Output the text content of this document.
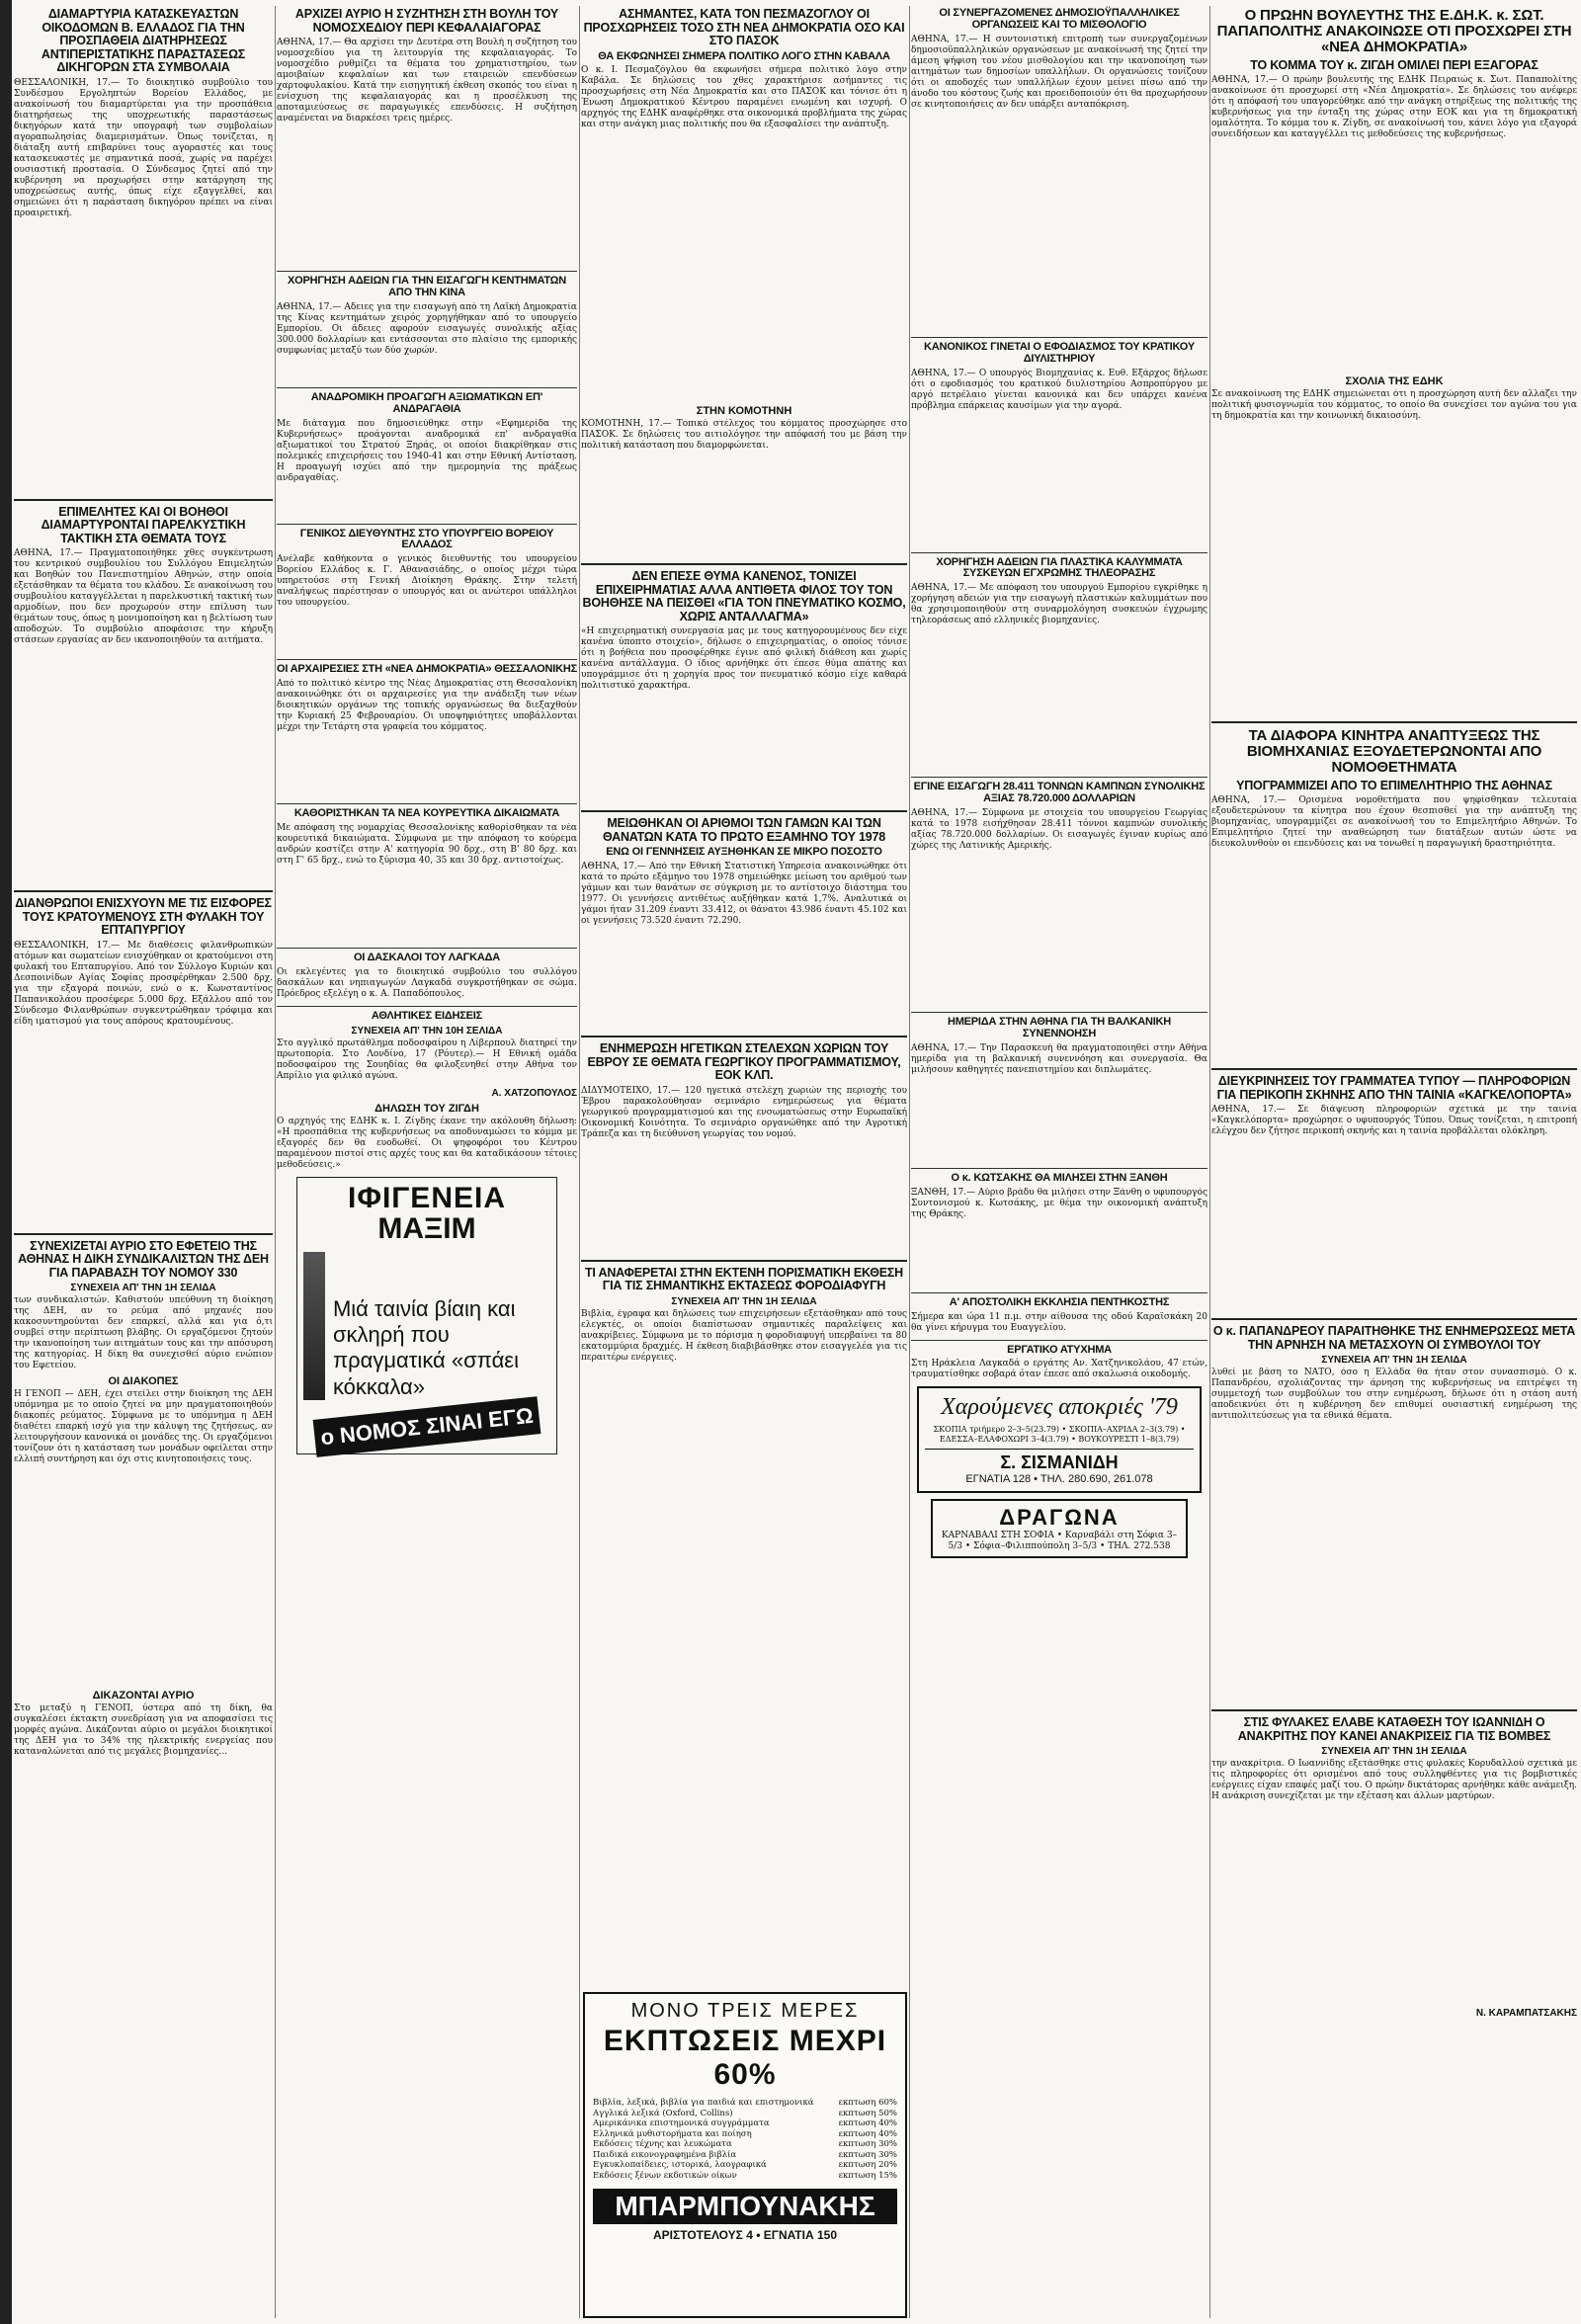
ΔΙΑΜΑΡΤΥΡΙΑ ΚΑΤΑΣΚΕΥΑΣΤΩΝ ΟΙΚΟΔΟΜΩΝ Β. ΕΛΛΑΔΟΣ ΓΙΑ ΤΗΝ ΠΡΟΣΠΑΘΕΙΑ ΔΙΑΤΗΡΗΣΕΩΣ ΑΝΤΙΠΕΡΙΣΤΑΤΙΚΗΣ ΠΑΡΑΣΤΑΣΕΩΣ ΔΙΚΗΓΟΡΩΝ ΣΤΑ ΣΥΜΒΟΛΑΙΑ

ΘΕΣΣΑΛΟΝΙΚΗ, 17.— Το διοικητικό συμβούλιο του Συνδέσμου Εργοληπτών Βορείου Ελλάδος, με ανακοίνωσή του διαμαρτύρεται για την προσπάθεια διατηρήσεως της υποχρεωτικής παραστάσεως δικηγόρων κατά την υπογραφή των συμβολαίων αγοραπωλησίας διαμερισμάτων. Όπως τονίζεται, η διάταξη αυτή επιβαρύνει τους αγοραστές και τους κατασκευαστές με σημαντικά ποσά, χωρίς να παρέχει ουσιαστική προστασία. Ο Σύνδεσμος ζητεί από την κυβέρνηση να προχωρήσει στην κατάργηση της υποχρεώσεως αυτής, όπως είχε εξαγγελθεί, και σημειώνει ότι η παράσταση δικηγόρου πρέπει να είναι προαιρετική.

ΕΠΙΜΕΛΗΤΕΣ ΚΑΙ ΟΙ ΒΟΗΘΟΙ ΔΙΑΜΑΡΤΥΡΟΝΤΑΙ ΠΑΡΕΛΚΥΣΤΙΚΗ ΤΑΚΤΙΚΗ ΣΤΑ ΘΕΜΑΤΑ ΤΟΥΣ

ΑΘΗΝΑ, 17.— Πραγματοποιήθηκε χθες συγκέντρωση του κεντρικού συμβουλίου του Συλλόγου Επιμελητών και Βοηθών του Πανεπιστημίου Αθηνών, στην οποία εξετάσθηκαν τα θέματα του κλάδου. Σε ανακοίνωση του συμβουλίου καταγγέλλεται η παρελκυστική τακτική των αρμοδίων, που δεν προχωρούν στην επίλυση των θεμάτων τους, όπως η μονιμοποίηση και η βελτίωση των αποδοχών. Το συμβούλιο αποφάσισε την κήρυξη στάσεων εργασίας αν δεν ικανοποιηθούν τα αιτήματα.

ΔΙΑΝΘΡΩΠΟΙ ΕΝΙΣΧΥΟΥΝ ΜΕ ΤΙΣ ΕΙΣΦΟΡΕΣ ΤΟΥΣ ΚΡΑΤΟΥΜΕΝΟΥΣ ΣΤΗ ΦΥΛΑΚΗ ΤΟΥ ΕΠΤΑΠΥΡΓΙΟΥ

ΘΕΣΣΑΛΟΝΙΚΗ, 17.— Με διαθέσεις φιλανθρωπικών ατόμων και σωματείων ενισχύθηκαν οι κρατούμενοι στη φυλακή του Επταπυργίου. Από τον Σύλλογο Κυριών και Δεσποινίδων Αγίας Σοφίας προσφέρθηκαν 2.500 δρχ. για την εξαγορά ποινών, ενώ ο κ. Κωνσταντίνος Παπανικολάου προσέφερε 5.000 δρχ. Εξάλλου από τον Σύνδεσμο Φιλανθρώπων συγκεντρώθηκαν τρόφιμα και είδη ιματισμού για τους απόρους κρατουμένους.

ΣΥΝΕΧΙΖΕΤΑΙ ΑΥΡΙΟ ΣΤΟ ΕΦΕΤΕΙΟ ΤΗΣ ΑΘΗΝΑΣ Η ΔΙΚΗ ΣΥΝΔΙΚΑΛΙΣΤΩΝ ΤΗΣ ΔΕΗ ΓΙΑ ΠΑΡΑΒΑΣΗ ΤΟΥ ΝΟΜΟΥ 330
ΣΥΝΕΧΕΙΑ ΑΠ' ΤΗΝ 1Η ΣΕΛΙΔΑ

των συνδικαλιστών. Καθιστούν υπεύθυνη τη διοίκηση της ΔΕΗ, αν το ρεύμα από μηχανές που κακοσυντηρούνται δεν επαρκεί, αλλά και για ό,τι συμβεί στην περίπτωση βλάβης. Οι εργαζόμενοι ζητούν την ικανοποίηση των αιτημάτων τους και την απόσυρση της κατηγορίας. Η δίκη θα συνεχισθεί αύριο ενώπιον του Εφετείου.

ΟΙ ΔΙΑΚΟΠΕΣ

Η ΓΕΝΟΠ — ΔΕΗ, έχει στείλει στην διοίκηση της ΔΕΗ υπόμνημα με το οποίο ζητεί να μην πραγματοποιηθούν διακοπές ρεύματος. Σύμφωνα με το υπόμνημα η ΔΕΗ διαθέτει επαρκή ισχύ για την κάλυψη της ζητήσεως, αν λειτουργήσουν κανονικά οι μονάδες της. Οι εργαζόμενοι τονίζουν ότι η κατάσταση των μονάδων οφείλεται στην ελλιπή συντήρηση και όχι στις κινητοποιήσεις τους.

ΔΙΚΑΖΟΝΤΑΙ ΑΥΡΙΟ

Στο μεταξύ η ΓΕΝΟΠ, ύστερα από τη δίκη, θα συγκαλέσει έκτακτη συνεδρίαση για να αποφασίσει τις μορφές αγώνα. Δικάζονται αύριο οι μεγάλοι διοικητικοί της ΔΕΗ για το 34% της ηλεκτρικής ενεργείας που καταναλώνεται από τις μεγάλες βιομηχανίες...

ΑΡΧΙΖΕΙ ΑΥΡΙΟ Η ΣΥΖΗΤΗΣΗ ΣΤΗ ΒΟΥΛΗ ΤΟΥ ΝΟΜΟΣΧΕΔΙΟΥ ΠΕΡΙ ΚΕΦΑΛΑΙΑΓΟΡΑΣ

ΑΘΗΝΑ, 17.— Θα αρχίσει την Δευτέρα στη Βουλή η συζήτηση του νομοσχεδίου για τη λειτουργία της κεφαλαιαγοράς. Το νομοσχέδιο ρυθμίζει τα θέματα του χρηματιστηρίου, των αμοιβαίων κεφαλαίων και των εταιρειών επενδύσεων χαρτοφυλακίου. Κατά την εισηγητική έκθεση σκοπός του είναι η ενίσχυση της κεφαλαιαγοράς και η προσέλκυση της αποταμιεύσεως σε παραγωγικές επενδύσεις. Η συζήτηση αναμένεται να διαρκέσει τρεις ημέρες.

ΧΟΡΗΓΗΣΗ ΑΔΕΙΩΝ ΓΙΑ ΤΗΝ ΕΙΣΑΓΩΓΗ ΚΕΝΤΗΜΑΤΩΝ ΑΠΟ ΤΗΝ ΚΙΝΑ

ΑΘΗΝΑ, 17.— Αδειες για την εισαγωγή από τη Λαϊκή Δημοκρατία της Κίνας κεντημάτων χειρός χορηγήθηκαν από το υπουργείο Εμπορίου. Οι άδειες αφορούν εισαγωγές συνολικής αξίας 300.000 δολλαρίων και εντάσσονται στο πλαίσιο της εμπορικής συμφωνίας μεταξύ των δύο χωρών.

ΑΝΑΔΡΟΜΙΚΗ ΠΡΟΑΓΩΓΗ ΑΞΙΩΜΑΤΙΚΩΝ ΕΠ' ΑΝΔΡΑΓΑΘΙΑ

Με διάταγμα που δημοσιεύθηκε στην «Εφημερίδα της Κυβερνήσεως» προάγονται αναδρομικά επ' ανδραγαθία αξιωματικοί του Στρατού Ξηράς, οι οποίοι διακρίθηκαν στις πολεμικές επιχειρήσεις του 1940-41 και στην Εθνική Αντίσταση. Η προαγωγή ισχύει από την ημερομηνία της πράξεως ανδραγαθίας.

ΓΕΝΙΚΟΣ ΔΙΕΥΘΥΝΤΗΣ ΣΤΟ ΥΠΟΥΡΓΕΙΟ ΒΟΡΕΙΟΥ ΕΛΛΑΔΟΣ

Ανέλαβε καθήκοντα ο γενικός διευθυντής του υπουργείου Βορείου Ελλάδος κ. Γ. Αθανασιάδης, ο οποίος μέχρι τώρα υπηρετούσε στη Γενική Διοίκηση Θράκης. Στην τελετή αναλήψεως παρέστησαν ο υπουργός και οι ανώτεροι υπάλληλοι του υπουργείου.

ΟΙ ΑΡΧΑΙΡΕΣΙΕΣ ΣΤΗ «ΝΕΑ ΔΗΜΟΚΡΑΤΙΑ» ΘΕΣΣΑΛΟΝΙΚΗΣ

Από το πολιτικό κέντρο της Νέας Δημοκρατίας στη Θεσσαλονίκη ανακοινώθηκε ότι οι αρχαιρεσίες για την ανάδειξη των νέων διοικητικών οργάνων της τοπικής οργανώσεως θα διεξαχθούν την Κυριακή 25 Φεβρουαρίου. Οι υποψηφιότητες υποβάλλονται μέχρι την Τετάρτη στα γραφεία του κόμματος.

ΚΑΘΟΡΙΣΤΗΚΑΝ ΤΑ ΝΕΑ ΚΟΥΡΕΥΤΙΚΑ ΔΙΚΑΙΩΜΑΤΑ

Με απόφαση της νομαρχίας Θεσσαλονίκης καθορίσθηκαν τα νέα κουρευτικά δικαιώματα. Σύμφωνα με την απόφαση το κούρεμα ανδρών κοστίζει στην Α' κατηγορία 90 δρχ., στη Β' 80 δρχ. και στη Γ' 65 δρχ., ενώ το ξύρισμα 40, 35 και 30 δρχ. αντιστοίχως.

ΟΙ ΔΑΣΚΑΛΟΙ ΤΟΥ ΛΑΓΚΑΔΑ

Οι εκλεγέντες για το διοικητικό συμβούλιο του συλλόγου δασκάλων και νηπιαγωγών Λαγκαδά συγκροτήθηκαν σε σώμα. Πρόεδρος εξελέγη ο κ. Α. Παπαδόπουλος.

ΑΘΛΗΤΙΚΕΣ ΕΙΔΗΣΕΙΣ
ΣΥΝΕΧΕΙΑ ΑΠ' ΤΗΝ 10Η ΣΕΛΙΔΑ

Στο αγγλικό πρωτάθλημα ποδοσφαίρου η Λίβερπουλ διατηρεί την πρωτοπορία. Στο Λονδίνο, 17 (Ρόυτερ).— Η Εθνική ομάδα ποδοσφαίρου της Σουηδίας θα φιλοξενηθεί στην Αθήνα τον Απρίλιο για φιλικό αγώνα.

Α. ΧΑΤΖΟΠΟΥΛΟΣ
ΔΗΛΩΣΗ ΤΟΥ ΖΙΓΔΗ

Ο αρχηγός της ΕΔΗΚ κ. Ι. Ζίγδης έκανε την ακόλουθη δήλωση: «Η προσπάθεια της κυβερνήσεως να αποδυναμώσει το κόμμα με εξαγορές δεν θα ευοδωθεί. Οι ψηφοφόροι του Κέντρου παραμένουν πιστοί στις αρχές τους και θα καταδικάσουν τέτοιες μεθοδεύσεις.»

ΙΦΙΓΕΝΕΙΑ
ΜΑΞΙΜ
Μιά ταινία βίαιη και σκληρή που πραγματικά «σπάει κόκκαλα»
ο ΝΟΜΟΣ ΣΙΝΑΙ ΕΓΩ
ΑΣΗΜΑΝΤΕΣ, ΚΑΤΑ ΤΟΝ ΠΕΣΜΑΖΟΓΛΟΥ ΟΙ ΠΡΟΣΧΩΡΗΣΕΙΣ ΤΟΣΟ ΣΤΗ ΝΕΑ ΔΗΜΟΚΡΑΤΙΑ ΟΣΟ ΚΑΙ ΣΤΟ ΠΑΣΟΚ
ΘΑ ΕΚΦΩΝΗΣΕΙ ΣΗΜΕΡΑ ΠΟΛΙΤΙΚΟ ΛΟΓΟ ΣΤΗΝ ΚΑΒΑΛΑ

Ο κ. Ι. Πεσμαζόγλου θα εκφωνήσει σήμερα πολιτικό λόγο στην Καβάλα. Σε δηλώσεις του χθες χαρακτήρισε ασήμαντες τις προσχωρήσεις στη Νέα Δημοκρατία και στο ΠΑΣΟΚ και τόνισε ότι η Ένωση Δημοκρατικού Κέντρου παραμένει ενωμένη και ισχυρή. Ο αρχηγός της ΕΔΗΚ αναφέρθηκε στα οικονομικά προβλήματα της χώρας και στην ανάγκη μιας πολιτικής που θα εξασφαλίσει την ανάπτυξη.

ΣΤΗΝ ΚΟΜΟΤΗΝΗ

ΚΟΜΟΤΗΝΗ, 17.— Τοπικό στέλεχος του κόμματος προσχώρησε στο ΠΑΣΟΚ. Σε δηλώσεις του αιτιολόγησε την απόφασή του με βάση την πολιτική κατάσταση που διαμορφώνεται.

ΔΕΝ ΕΠΕΣΕ ΘΥΜΑ ΚΑΝΕΝΟΣ, ΤΟΝΙΖΕΙ ΕΠΙΧΕΙΡΗΜΑΤΙΑΣ ΑΛΛΑ ΑΝΤΙΘΕΤΑ ΦΙΛΟΣ ΤΟΥ ΤΟΝ ΒΟΗΘΗΣΕ ΝΑ ΠΕΙΣΘΕΙ «ΓΙΑ ΤΟΝ ΠΝΕΥΜΑΤΙΚΟ ΚΟΣΜΟ, ΧΩΡΙΣ ΑΝΤΑΛΛΑΓΜΑ»

«Η επιχειρηματική συνεργασία μας με τους κατηγορουμένους δεν είχε κανένα ύποπτο στοιχείο», δήλωσε ο επιχειρηματίας, ο οποίος τόνισε ότι η βοήθεια που προσφέρθηκε έγινε από φιλική διάθεση και χωρίς κανένα αντάλλαγμα. Ο ίδιος αρνήθηκε ότι έπεσε θύμα απάτης και υπογράμμισε ότι η χορηγία προς τον πνευματικό κόσμο είχε καθαρά πολιτιστικό χαρακτήρα.

ΜΕΙΩΘΗΚΑΝ ΟΙ ΑΡΙΘΜΟΙ ΤΩΝ ΓΑΜΩΝ ΚΑΙ ΤΩΝ ΘΑΝΑΤΩΝ ΚΑΤΑ ΤΟ ΠΡΩΤΟ ΕΞΑΜΗΝΟ ΤΟΥ 1978
ΕΝΩ ΟΙ ΓΕΝΝΗΣΕΙΣ ΑΥΞΗΘΗΚΑΝ ΣΕ ΜΙΚΡΟ ΠΟΣΟΣΤΟ

ΑΘΗΝΑ, 17.— Από την Εθνική Στατιστική Υπηρεσία ανακοινώθηκε ότι κατά το πρώτο εξάμηνο του 1978 σημειώθηκε μείωση του αριθμού των γάμων και των θανάτων σε σύγκριση με το αντίστοιχο διάστημα του 1977. Οι γεννήσεις αντιθέτως αυξήθηκαν κατά 1,7%. Αναλυτικά οι γάμοι ήταν 31.209 έναντι 33.412, οι θάνατοι 43.986 έναντι 45.102 και οι γεννήσεις 73.520 έναντι 72.290.

ΕΝΗΜΕΡΩΣΗ ΗΓΕΤΙΚΩΝ ΣΤΕΛΕΧΩΝ ΧΩΡΙΩΝ ΤΟΥ ΕΒΡΟΥ ΣΕ ΘΕΜΑΤΑ ΓΕΩΡΓΙΚΟΥ ΠΡΟΓΡΑΜΜΑΤΙΣΜΟΥ, ΕΟΚ ΚΛΠ.

ΔΙΔΥΜΟΤΕΙΧΟ, 17.— 120 ηγετικά στελέχη χωριών της περιοχής του Έβρου παρακολούθησαν σεμινάριο ενημερώσεως για θέματα γεωργικού προγραμματισμού και της ενσωματώσεως στην Ευρωπαϊκή Οικονομική Κοινότητα. Το σεμινάριο οργανώθηκε από την Αγροτική Τράπεζα και τη διεύθυνση γεωργίας του νομού.

ΤΙ ΑΝΑΦΕΡΕΤΑΙ ΣΤΗΝ ΕΚΤΕΝΗ ΠΟΡΙΣΜΑΤΙΚΗ ΕΚΘΕΣΗ ΓΙΑ ΤΙΣ ΣΗΜΑΝΤΙΚΗΣ ΕΚΤΑΣΕΩΣ ΦΟΡΟΔΙΑΦΥΓΗ
ΣΥΝΕΧΕΙΑ ΑΠ' ΤΗΝ 1Η ΣΕΛΙΔΑ

Βιβλία, έγραφα και δηλώσεις των επιχειρήσεων εξετάσθηκαν από τους ελεγκτές, οι οποίοι διαπίστωσαν σημαντικές παραλείψεις και ανακρίβειες. Σύμφωνα με το πόρισμα η φοροδιαφυγή υπερβαίνει τα 80 εκατομμύρια δραχμές. Η έκθεση διαβιβάσθηκε στον εισαγγελέα για τις περαιτέρω ενέργειες.

ΜΟΝΟ ΤΡΕΙΣ ΜΕΡΕΣ
ΕΚΠΤΩΣΕΙΣ ΜΕΧΡΙ 60%
Βιβλία, λεξικά, βιβλία για παιδιά και επιστημονικά	εκπτωση 60%
Αγγλικά λεξικά (Oxford, Collins)	εκπτωση 50%
Αμερικάνικα επιστημονικά συγγράμματα	εκπτωση 40%
Ελληνικά μυθιστορήματα και ποίηση	εκπτωση 40%
Εκδόσεις τέχνης και λευκώματα	εκπτωση 30%
Παιδικά εικονογραφημένα βιβλία	εκπτωση 30%
Εγκυκλοπαίδειες, ιστορικά, λαογραφικά	εκπτωση 20%
Εκδόσεις ξένων εκδοτικών οίκων	εκπτωση 15%
ΜΠΑΡΜΠΟΥΝΑΚΗΣ
ΑΡΙΣΤΟΤΕΛΟΥΣ 4 • ΕΓΝΑΤΙΑ 150
ΟΙ ΣΥΝΕΡΓΑΖΟΜΕΝΕΣ ΔΗΜΟΣΙΟΫΠΑΛΛΗΛΙΚΕΣ ΟΡΓΑΝΩΣΕΙΣ ΚΑΙ ΤΟ ΜΙΣΘΟΛΟΓΙΟ

ΑΘΗΝΑ, 17.— Η συντονιστική επιτροπή των συνεργαζομένων δημοσιοϋπαλληλικών οργανώσεων με ανακοίνωσή της ζητεί την άμεση ψήφιση του νέου μισθολογίου και την ικανοποίηση των αιτημάτων των δημοσίων υπαλλήλων. Οι οργανώσεις τονίζουν ότι οι αποδοχές των υπαλλήλων έχουν μείνει πίσω από την άνοδο του κόστους ζωής και προειδοποιούν ότι θα προχωρήσουν σε κινητοποιήσεις αν δεν υπάρξει ανταπόκριση.

ΚΑΝΟΝΙΚΟΣ ΓΙΝΕΤΑΙ Ο ΕΦΟΔΙΑΣΜΟΣ ΤΟΥ ΚΡΑΤΙΚΟΥ ΔΙΥΛΙΣΤΗΡΙΟΥ

ΑΘΗΝΑ, 17.— Ο υπουργός Βιομηχανίας κ. Ευθ. Εξάρχος δήλωσε ότι ο εφοδιασμός του κρατικού διυλιστηρίου Ασπροπύργου με αργό πετρέλαιο γίνεται κανονικά και δεν υπάρχει κανένα πρόβλημα επάρκειας καυσίμων για την αγορά.

ΧΟΡΗΓΗΣΗ ΑΔΕΙΩΝ ΓΙΑ ΠΛΑΣΤΙΚΑ ΚΑΛΥΜΜΑΤΑ ΣΥΣΚΕΥΩΝ ΕΓΧΡΩΜΗΣ ΤΗΛΕΟΡΑΣΗΣ

ΑΘΗΝΑ, 17.— Με απόφαση του υπουργού Εμπορίου εγκρίθηκε η χορήγηση αδειών για την εισαγωγή πλαστικών καλυμμάτων που θα χρησιμοποιηθούν στη συναρμολόγηση συσκευών έγχρωμης τηλεοράσεως από ελληνικές βιομηχανίες.

ΕΓΙΝΕ ΕΙΣΑΓΩΓΗ 28.411 ΤΟΝΝΩΝ ΚΑΜΠΝΩΝ ΣΥΝΟΛΙΚΗΣ ΑΞΙΑΣ 78.720.000 ΔΟΛΛΑΡΙΩΝ

ΑΘΗΝΑ, 17.— Σύμφωνα με στοιχεία του υπουργείου Γεωργίας κατά το 1978 εισήχθησαν 28.411 τόννοι καμπνών συνολικής αξίας 78.720.000 δολλαρίων. Οι εισαγωγές έγιναν κυρίως από χώρες της Λατινικής Αμερικής.

ΗΜΕΡΙΔΑ ΣΤΗΝ ΑΘΗΝΑ ΓΙΑ ΤΗ ΒΑΛΚΑΝΙΚΗ ΣΥΝΕΝΝΟΗΣΗ

ΑΘΗΝΑ, 17.— Την Παρασκευή θα πραγματοποιηθεί στην Αθήνα ημερίδα για τη βαλκανική συνεννόηση και συνεργασία. Θα μιλήσουν καθηγητές πανεπιστημίου και διπλωμάτες.

Ο κ. ΚΩΤΣΑΚΗΣ ΘΑ ΜΙΛΗΣΕΙ ΣΤΗΝ ΞΑΝΘΗ

ΞΑΝΘΗ, 17.— Αύριο βράδυ θα μιλήσει στην Ξάνθη ο υφυπουργός Συντονισμού κ. Κωτσάκης, με θέμα την οικονομική ανάπτυξη της Θράκης.

Α' ΑΠΟΣΤΟΛΙΚΗ ΕΚΚΛΗΣΙΑ ΠΕΝΤΗΚΟΣΤΗΣ

Σήμερα και ώρα 11 π.μ. στην αίθουσα της οδού Καραϊσκάκη 20 θα γίνει κήρυγμα του Ευαγγελίου.

ΕΡΓΑΤΙΚΟ ΑΤΥΧΗΜΑ

Στη Ηράκλεια Λαγκαδά ο εργάτης Αν. Χατζηνικολάου, 47 ετών, τραυματίσθηκε σοβαρά όταν έπεσε από σκαλωσιά οικοδομής.

Χαρούμενες αποκριές '79
ΣΚΟΠΙΑ τριήμερο 2–3–5(23.79) • ΣΚΟΠΙΑ–ΑΧΡΙΔΑ 2–3(3.79) • ΕΔΕΣΣΑ–ΕΛΑΦΟΧΩΡΙ 3–4(3.79) • ΒΟΥΚΟΥΡΕΣΤΙ 1–8(3.79)
Σ. ΣΙΣΜΑΝΙΔΗ
ΕΓΝΑΤΙΑ 128 • ΤΗΛ. 280.690, 261.078
ΔΡΑΓΩΝΑ
ΚΑΡΝΑΒΑΛΙ ΣΤΗ ΣΟΦΙΑ • Καρναβάλι στη Σόφια 3–5/3 • Σόφια–Φιλιππούπολη 3–5/3 • ΤΗΛ. 272.538
Ο ΠΡΩΗΝ ΒΟΥΛΕΥΤΗΣ ΤΗΣ Ε.ΔΗ.Κ. κ. ΣΩΤ. ΠΑΠΑΠΟΛΙΤΗΣ ΑΝΑΚΟΙΝΩΣΕ ΟΤΙ ΠΡΟΣΧΩΡΕΙ ΣΤΗ «ΝΕΑ ΔΗΜΟΚΡΑΤΙΑ»
ΤΟ ΚΟΜΜΑ ΤΟΥ κ. ΖΙΓΔΗ ΟΜΙΛΕΙ ΠΕΡΙ ΕΞΑΓΟΡΑΣ

ΑΘΗΝΑ, 17.— Ο πρώην βουλευτής της ΕΔΗΚ Πειραιώς κ. Σωτ. Παπαπολίτης ανακοίνωσε ότι προσχωρεί στη «Νέα Δημοκρατία». Σε δηλώσεις του ανέφερε ότι η απόφασή του υπαγορεύθηκε από την ανάγκη στηρίξεως της πολιτικής της κυβερνήσεως για την ένταξη της χώρας στην ΕΟΚ και για τη δημοκρατική ομαλότητα. Το κόμμα του κ. Ζίγδη, σε ανακοίνωσή του, κάνει λόγο για εξαγορά συνειδήσεων και καταγγέλλει τις μεθοδεύσεις της κυβερνήσεως.

ΣΧΟΛΙΑ ΤΗΣ ΕΔΗΚ

Σε ανακοίνωση της ΕΔΗΚ σημειώνεται ότι η προσχώρηση αυτή δεν αλλάζει την πολιτική φυσιογνωμία του κόμματος, το οποίο θα συνεχίσει τον αγώνα του για τη δημοκρατία και την κοινωνική δικαιοσύνη.

ΤΑ ΔΙΑΦΟΡΑ ΚΙΝΗΤΡΑ ΑΝΑΠΤΥΞΕΩΣ ΤΗΣ ΒΙΟΜΗΧΑΝΙΑΣ ΕΞΟΥΔΕΤΕΡΩΝΟΝΤΑΙ ΑΠΟ ΝΟΜΟΘΕΤΗΜΑΤΑ
ΥΠΟΓΡΑΜΜΙΖΕΙ ΑΠΟ ΤΟ ΕΠΙΜΕΛΗΤΗΡΙΟ ΤΗΣ ΑΘΗΝΑΣ

ΑΘΗΝΑ, 17.— Ορισμένα νομοθετήματα που ψηφίσθηκαν τελευταία εξουδετερώνουν τα κίνητρα που έχουν θεσπισθεί για την ανάπτυξη της βιομηχανίας, υπογραμμίζει σε ανακοίνωσή του το Επιμελητήριο Αθηνών. Το Επιμελητήριο ζητεί την αναθεώρηση των διατάξεων αυτών ώστε να διευκολυνθούν οι επενδύσεις και να τονωθεί η παραγωγική δραστηριότητα.

ΔΙΕΥΚΡΙΝΗΣΕΙΣ ΤΟΥ ΓΡΑΜΜΑΤΕΑ ΤΥΠΟΥ — ΠΛΗΡΟΦΟΡΙΩΝ ΓΙΑ ΠΕΡΙΚΟΠΗ ΣΚΗΝΗΣ ΑΠΟ ΤΗΝ ΤΑΙΝΙΑ «ΚΑΓΚΕΛΟΠΟΡΤΑ»

ΑΘΗΝΑ, 17.— Σε διάψευση πληροφοριών σχετικά με την ταινία «Καγκελόπορτα» προχώρησε ο υφυπουργός Τύπου. Όπως τονίζεται, η επιτροπή ελέγχου δεν ζήτησε περικοπή σκηνής και η ταινία προβάλλεται ολόκληρη.

Ο κ. ΠΑΠΑΝΔΡΕΟΥ ΠΑΡΑΙΤΗΘΗΚΕ ΤΗΣ ΕΝΗΜΕΡΩΣΕΩΣ ΜΕΤΑ ΤΗΝ ΑΡΝΗΣΗ ΝΑ ΜΕΤΑΣΧΟΥΝ ΟΙ ΣΥΜΒΟΥΛΟΙ ΤΟΥ
ΣΥΝΕΧΕΙΑ ΑΠ' ΤΗΝ 1Η ΣΕΛΙΔΑ

λυθεί με βάση το ΝΑΤΟ, όσο η Ελλάδα θα ήταν στον συνασπισμό. Ο κ. Παπανδρέου, σχολιάζοντας την άρνηση της κυβερνήσεως να επιτρέψει τη συμμετοχή των συμβούλων του στην ενημέρωση, δήλωσε ότι η στάση αυτή αποδεικνύει ότι η κυβέρνηση δεν επιθυμεί ουσιαστική ενημέρωση της αντιπολιτεύσεως για τα εθνικά θέματα.

ΣΤΙΣ ΦΥΛΑΚΕΣ ΕΛΑΒΕ ΚΑΤΑΘΕΣΗ ΤΟΥ ΙΩΑΝΝΙΔΗ Ο ΑΝΑΚΡΙΤΗΣ ΠΟΥ ΚΑΝΕΙ ΑΝΑΚΡΙΣΕΙΣ ΓΙΑ ΤΙΣ ΒΟΜΒΕΣ
ΣΥΝΕΧΕΙΑ ΑΠ' ΤΗΝ 1Η ΣΕΛΙΔΑ

την ανακρίτρια. Ο Ιωαννίδης εξετάσθηκε στις φυλακές Κορυδαλλού σχετικά με τις πληροφορίες ότι ορισμένοι από τους συλληφθέντες για τις βομβιστικές ενέργειες είχαν επαφές μαζί του. Ο πρώην δικτάτορας αρνήθηκε κάθε ανάμειξη. Η ανάκριση συνεχίζεται με την εξέταση και άλλων μαρτύρων.

Ν. ΚΑΡΑΜΠΑΤΣΑΚΗΣ
